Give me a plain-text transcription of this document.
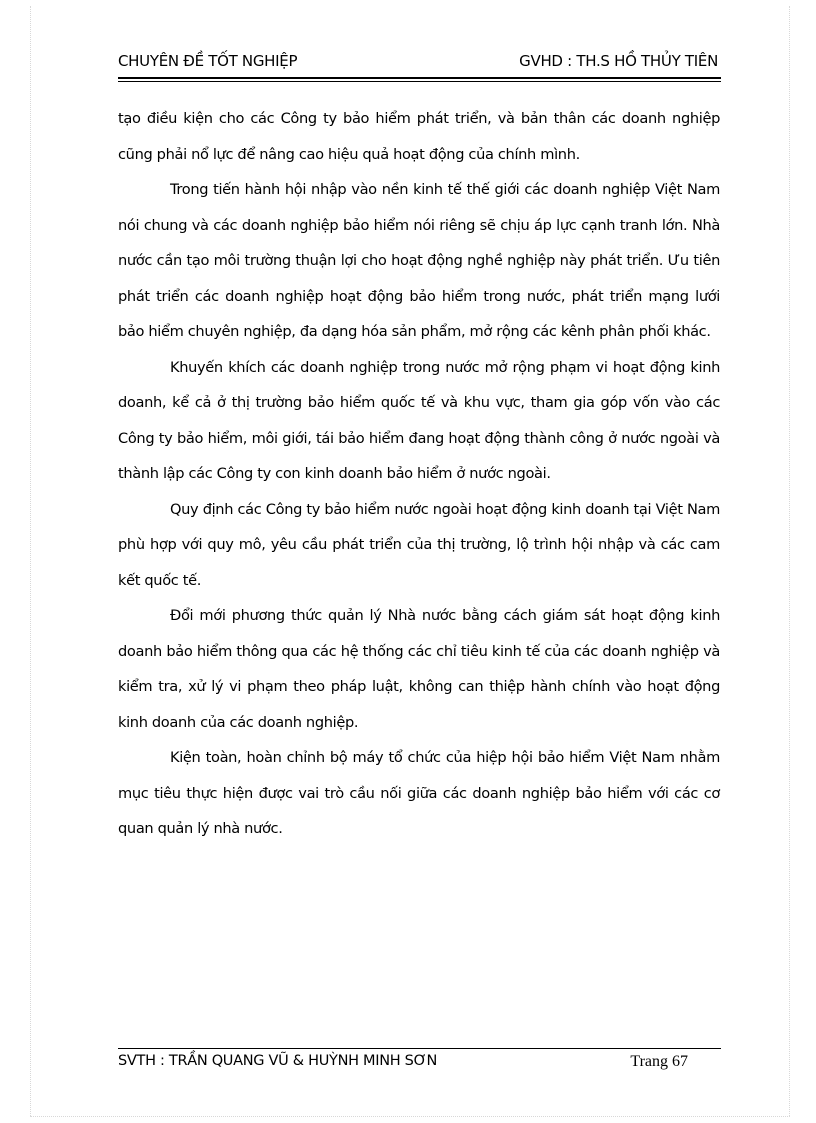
CHUYÊN ĐỀ TỐT NGHIỆP	GVHD : TH.S HỒ THỦY TIÊN

tạo điều kiện cho các Công ty bảo hiểm phát triển, và bản thân các doanh nghiệp cũng phải nổ lực để nâng cao hiệu quả hoạt động của chính mình.

Trong tiến hành hội nhập vào nền kinh tế thế giới các doanh nghiệp Việt Nam nói chung và các doanh nghiệp bảo hiểm nói riêng sẽ chịu áp lực cạnh tranh lớn. Nhà nước cần tạo môi trường thuận lợi cho hoạt động nghề nghiệp này phát triển. Ưu tiên phát triển các doanh nghiệp hoạt động bảo hiểm trong nước, phát triển mạng lưới bảo hiểm chuyên nghiệp, đa dạng hóa sản phẩm, mở rộng các kênh phân phối khác.

Khuyến khích các doanh nghiệp trong nước mở rộng phạm vi hoạt động kinh doanh, kể cả ở thị trường bảo hiểm quốc tế và khu vực, tham gia góp vốn vào các Công ty bảo hiểm, môi giới, tái bảo hiểm đang hoạt động thành công ở nước ngoài và thành lập các Công ty con kinh doanh bảo hiểm ở nước ngoài.

Quy định các Công ty bảo hiểm nước ngoài hoạt động kinh doanh tại Việt Nam phù hợp với quy mô, yêu cầu phát triển của thị trường, lộ trình hội nhập và các cam kết quốc tế.

Đổi mới phương thức quản lý Nhà nước bằng cách giám sát hoạt động kinh doanh bảo hiểm thông qua các hệ thống các chỉ tiêu kinh tế của các doanh nghiệp và kiểm tra, xử lý vi phạm theo pháp luật, không can thiệp hành chính vào hoạt động kinh doanh của các doanh nghiệp.

Kiện toàn, hoàn chỉnh bộ máy tổ chức của hiệp hội bảo hiểm Việt Nam nhằm mục tiêu thực hiện được vai trò cầu nối giữa các doanh nghiệp bảo hiểm với các cơ quan quản lý nhà nước.

SVTH : TRẦN QUANG VŨ & HUỲNH MINH SƠN	Trang 67
